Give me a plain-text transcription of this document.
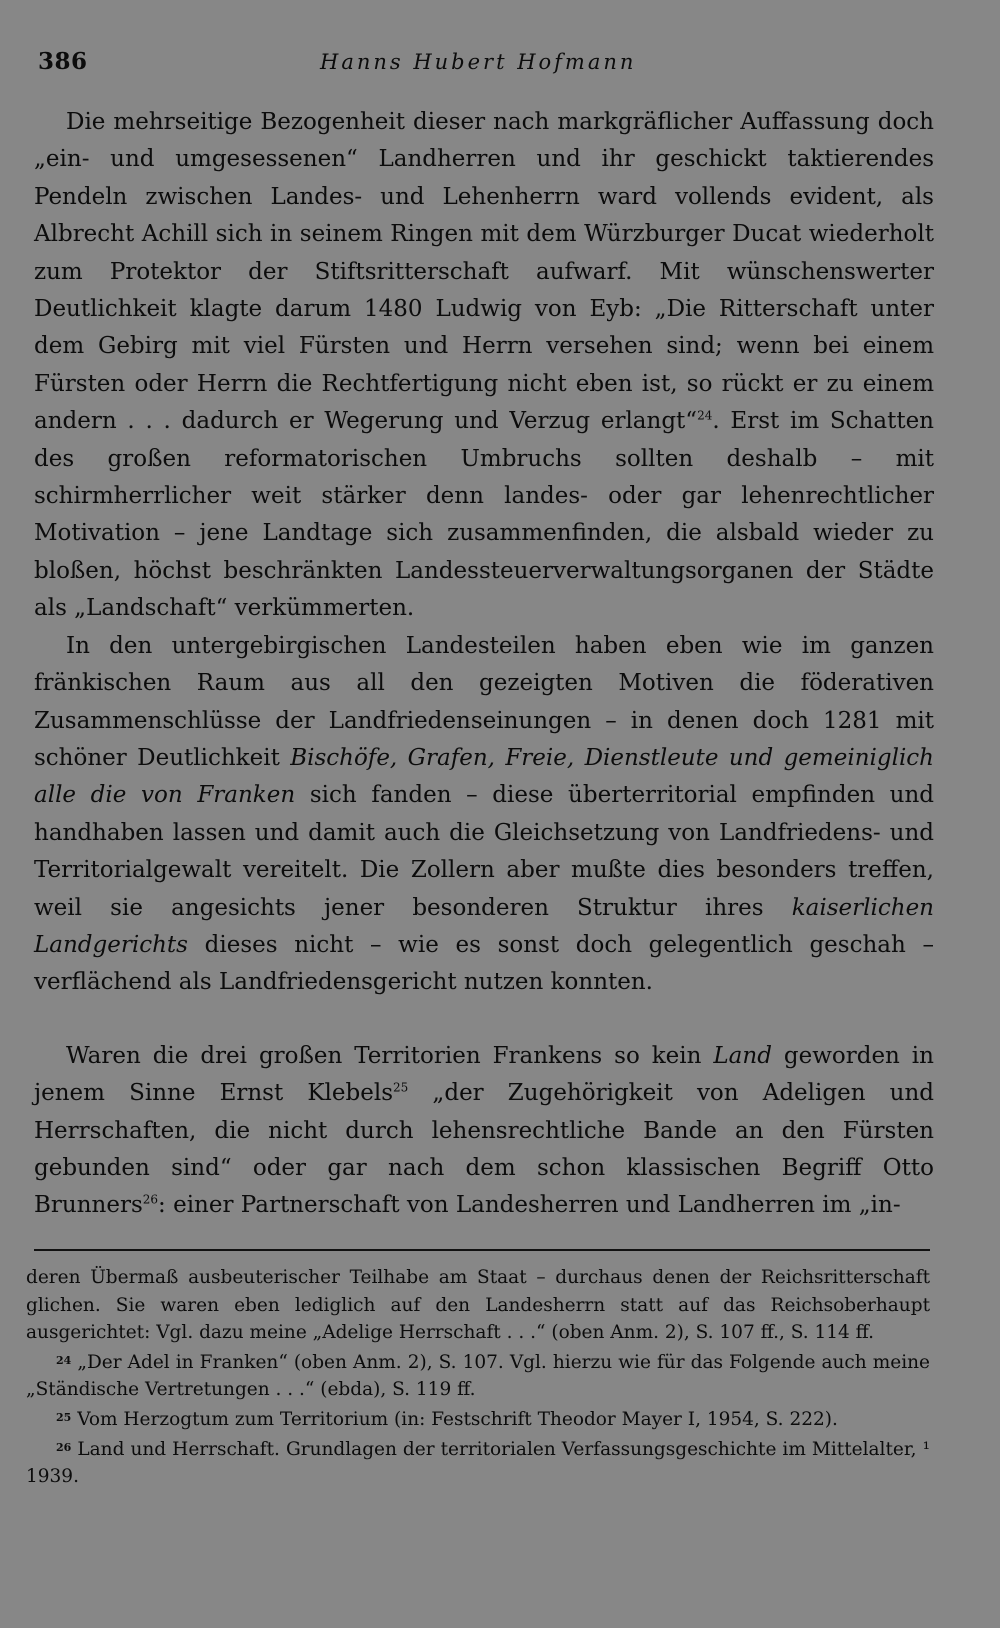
386	Hanns Hubert Hofmann

Die mehrseitige Bezogenheit dieser nach markgräflicher Auffassung doch „ein- und umgesessenen“ Landherren und ihr geschickt taktierendes Pendeln zwischen Landes- und Lehenherrn ward vollends evident, als Albrecht Achill sich in seinem Ringen mit dem Würzburger Ducat wiederholt zum Protektor der Stiftsritterschaft aufwarf. Mit wünschenswerter Deutlichkeit klagte darum 1480 Ludwig von Eyb: „Die Ritterschaft unter dem Gebirg mit viel Fürsten und Herrn versehen sind; wenn bei einem Fürsten oder Herrn die Rechtfertigung nicht eben ist, so rückt er zu einem andern . . . dadurch er Wegerung und Verzug erlangt“$^{24}$. Erst im Schatten des großen reformatorischen Umbruchs sollten deshalb – mit schirmherrlicher weit stärker denn landes- oder gar lehenrechtlicher Motivation – jene Landtage sich zusammenfinden, die alsbald wieder zu bloßen, höchst beschränkten Landessteuerverwaltungsorganen der Städte als „Landschaft“ verkümmerten.

In den untergebirgischen Landesteilen haben eben wie im ganzen fränkischen Raum aus all den gezeigten Motiven die föderativen Zusammenschlüsse der Landfriedenseinungen – in denen doch 1281 mit schöner Deutlichkeit Bischöfe, Grafen, Freie, Dienstleute und gemeiniglich alle die von Franken sich fanden – diese überterritorial empfinden und handhaben lassen und damit auch die Gleichsetzung von Landfriedens- und Territorialgewalt vereitelt. Die Zollern aber mußte dies besonders treffen, weil sie angesichts jener besonderen Struktur ihres kaiserlichen Landgerichts dieses nicht – wie es sonst doch gelegentlich geschah – verflächend als Landfriedensgericht nutzen konnten.

Waren die drei großen Territorien Frankens so kein Land geworden in jenem Sinne Ernst Klebels$^{25}$ „der Zugehörigkeit von Adeligen und Herrschaften, die nicht durch lehensrechtliche Bande an den Fürsten gebunden sind“ oder gar nach dem schon klassischen Begriff Otto Brunners$^{26}$: einer Partnerschaft von Landesherren und Landherren im „in-

deren Übermaß ausbeuterischer Teilhabe am Staat – durchaus denen der Reichsritterschaft glichen. Sie waren eben lediglich auf den Landesherrn statt auf das Reichsoberhaupt ausgerichtet: Vgl. dazu meine „Adelige Herrschaft . . .“ (oben Anm. 2), S. 107 ff., S. 114 ff.

$^{24}$ „Der Adel in Franken“ (oben Anm. 2), S. 107. Vgl. hierzu wie für das Folgende auch meine „Ständische Vertretungen . . .“ (ebda), S. 119 ff.

$^{25}$ Vom Herzogtum zum Territorium (in: Festschrift Theodor Mayer I, 1954, S. 222).

$^{26}$ Land und Herrschaft. Grundlagen der territorialen Verfassungsgeschichte im Mittelalter, ¹ 1939.
